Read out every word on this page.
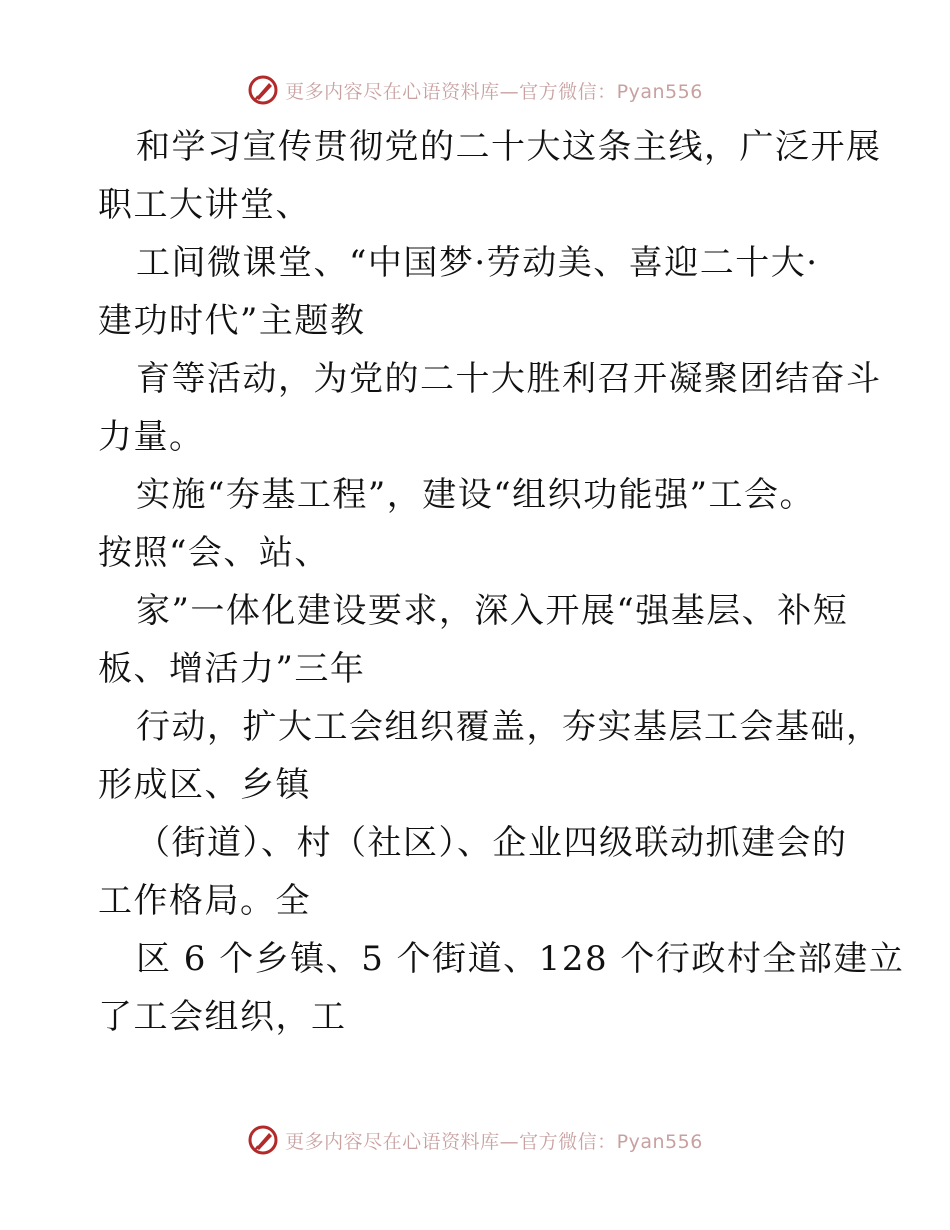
更多内容尽在心语资料库—官方微信：Pyan556
和学习宣传贯彻党的二十大这条主线，广泛开展
职工大讲堂、
工间微课堂、“中国梦·劳动美、喜迎二十大·
建功时代”主题教
育等活动，为党的二十大胜利召开凝聚团结奋斗
力量。
实施“夯基工程”，建设“组织功能强”工会。
按照“会、站、
家”一体化建设要求，深入开展“强基层、补短
板、增活力”三年
行动，扩大工会组织覆盖，夯实基层工会基础，
形成区、乡镇
（街道）、村（社区）、企业四级联动抓建会的
工作格局。全
区 6 个乡镇、5 个街道、128 个行政村全部建立
了工会组织，工
更多内容尽在心语资料库—官方微信：Pyan556
